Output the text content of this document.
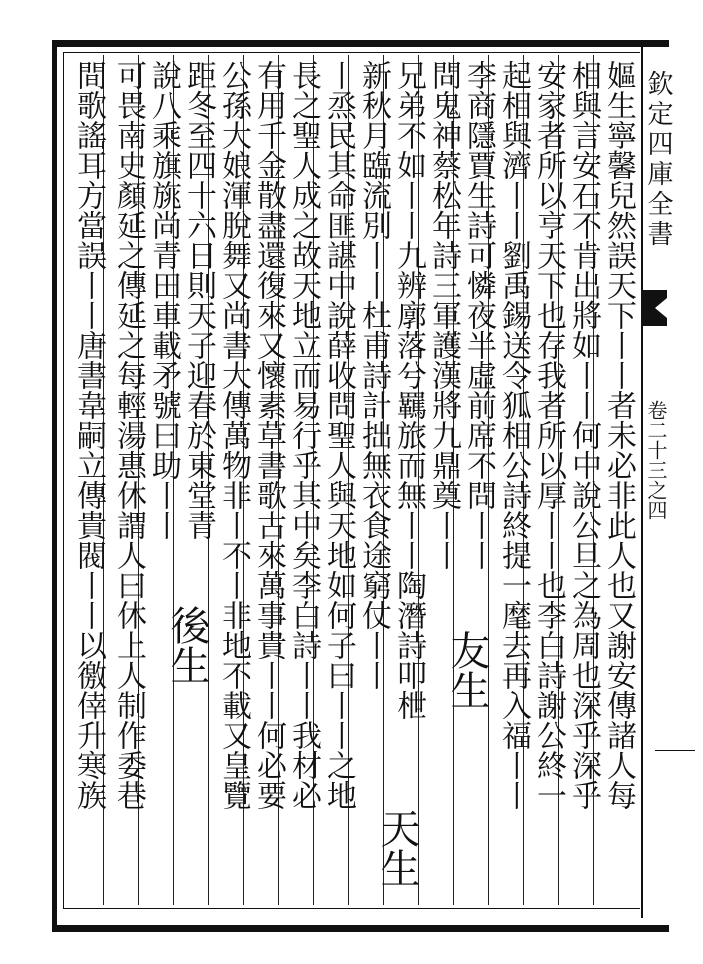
嫗生寧馨兒然誤天下丨丨者未必非此人也又謝安傳諸人每
相與言安石不肯出將如丨丨何中說公旦之為周也深乎深乎
安家者所以亨天下也存我者所以厚丨丨也李白詩謝公終一
起相與濟丨丨劉禹錫送令狐相公詩終提一麾去再入福丨丨
李商隱賈生詩可憐夜半虛前席不問丨丨
問鬼神蔡松年詩三軍護漢將九鼎奠丨丨
兄弟不如丨丨九辨廓落兮羈旅而無丨丨陶潛詩叩枻
新秋月臨流別丨丨杜甫詩計拙無衣食途窮仗丨丨
丨烝民其命匪諶中說薛收問聖人與天地如何子曰丨丨之地
長之聖人成之故天地立而易行乎其中矣李白詩丨丨我材必
有用千金散盡還復來又懷素草書歌古來萬事貴丨丨何必要
公孫大娘渾脫舞又尚書大傳萬物非丨不丨非地不載又皇覽
距冬至四十六日則天子迎春於東堂青
說八乘旗旐尚青田車載矛號曰助丨丨
可畏南史顏延之傳延之每輕湯惠休謂人曰休上人制作委巷
間歌謠耳方當誤丨丨唐書韋嗣立傳貴閥丨丨以徼倖升寒族	友生
天生
後生
欽定四庫全書
卷二十三之四
